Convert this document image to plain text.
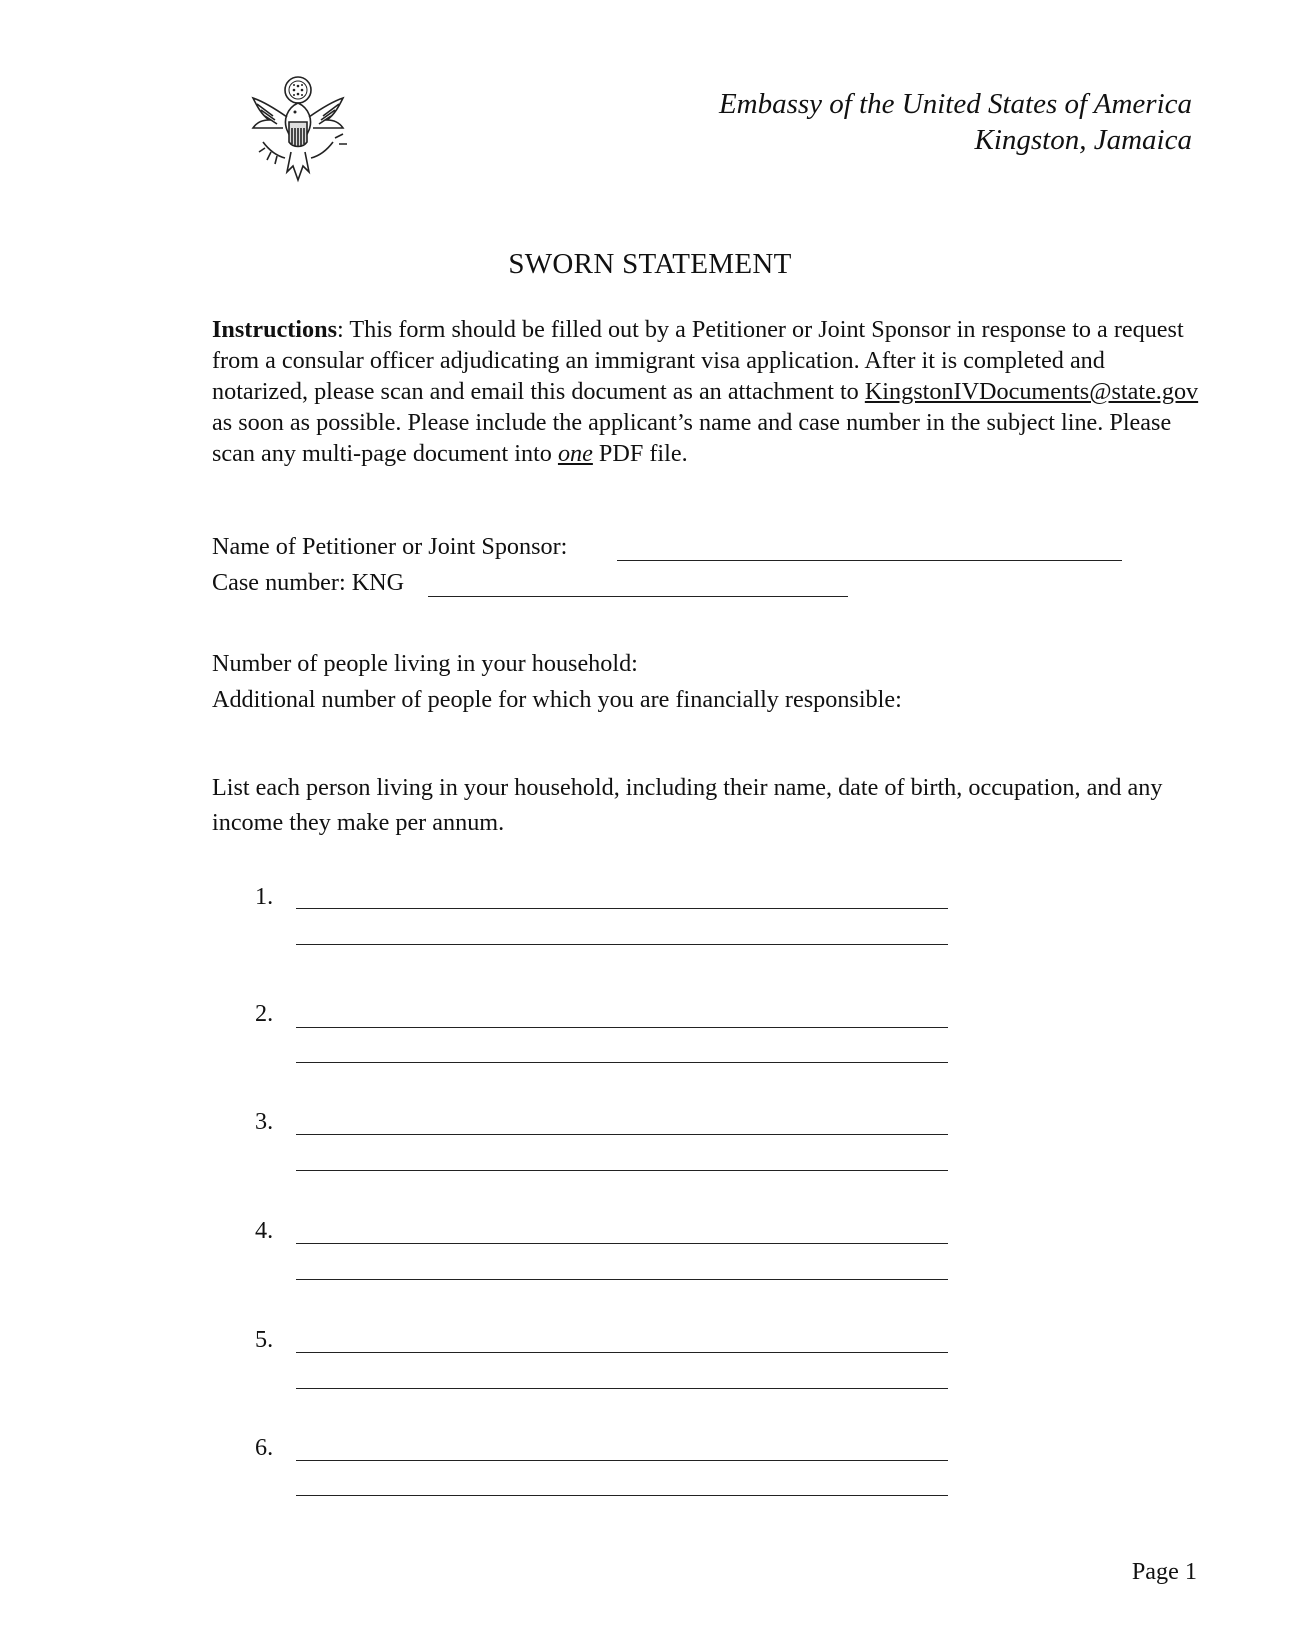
Embassy of the United States of America
Kingston, Jamaica
SWORN STATEMENT
Instructions: This form should be filled out by a Petitioner or Joint Sponsor in response to a request from a consular officer adjudicating an immigrant visa application. After it is completed and notarized, please scan and email this document as an attachment to KingstonIVDocuments@state.gov as soon as possible. Please include the applicant’s name and case number in the subject line. Please scan any multi-page document into one PDF file.
Name of Petitioner or Joint Sponsor:
Case number: KNG
Number of people living in your household:
Additional number of people for which you are financially responsible:
List each person living in your household, including their name, date of birth, occupation, and any income they make per annum.
1.
2.
3.
4.
5.
6.
Page 1
